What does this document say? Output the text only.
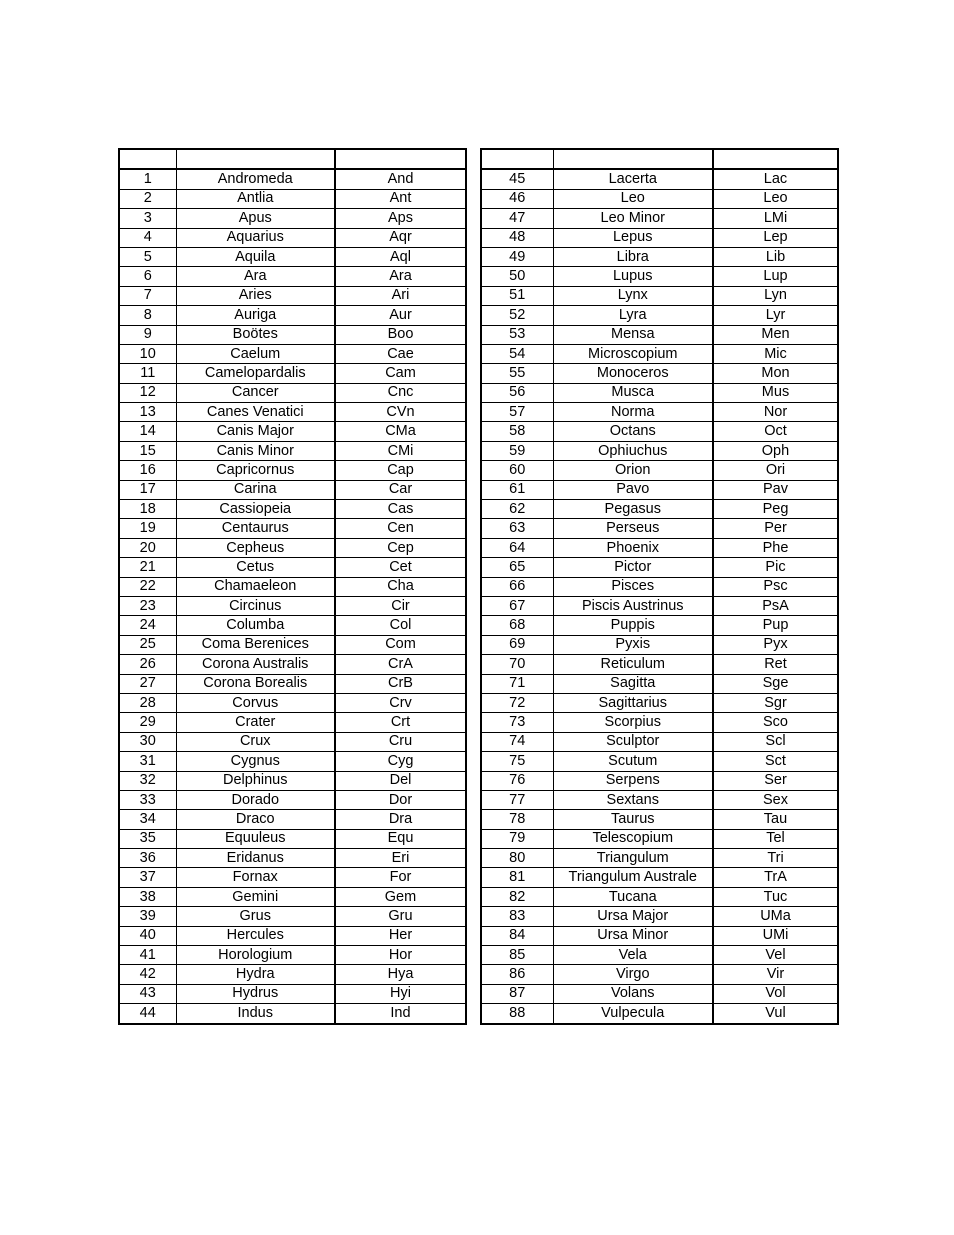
1	Andromeda	And
2	Antlia	Ant
3	Apus	Aps
4	Aquarius	Aqr
5	Aquila	Aql
6	Ara	Ara
7	Aries	Ari
8	Auriga	Aur
9	Boötes	Boo
10	Caelum	Cae
11	Camelopardalis	Cam
12	Cancer	Cnc
13	Canes Venatici	CVn
14	Canis Major	CMa
15	Canis Minor	CMi
16	Capricornus	Cap
17	Carina	Car
18	Cassiopeia	Cas
19	Centaurus	Cen
20	Cepheus	Cep
21	Cetus	Cet
22	Chamaeleon	Cha
23	Circinus	Cir
24	Columba	Col
25	Coma Berenices	Com
26	Corona Australis	CrA
27	Corona Borealis	CrB
28	Corvus	Crv
29	Crater	Crt
30	Crux	Cru
31	Cygnus	Cyg
32	Delphinus	Del
33	Dorado	Dor
34	Draco	Dra
35	Equuleus	Equ
36	Eridanus	Eri
37	Fornax	For
38	Gemini	Gem
39	Grus	Gru
40	Hercules	Her
41	Horologium	Hor
42	Hydra	Hya
43	Hydrus	Hyi
44	Indus	Ind

45	Lacerta	Lac
46	Leo	Leo
47	Leo Minor	LMi
48	Lepus	Lep
49	Libra	Lib
50	Lupus	Lup
51	Lynx	Lyn
52	Lyra	Lyr
53	Mensa	Men
54	Microscopium	Mic
55	Monoceros	Mon
56	Musca	Mus
57	Norma	Nor
58	Octans	Oct
59	Ophiuchus	Oph
60	Orion	Ori
61	Pavo	Pav
62	Pegasus	Peg
63	Perseus	Per
64	Phoenix	Phe
65	Pictor	Pic
66	Pisces	Psc
67	Piscis Austrinus	PsA
68	Puppis	Pup
69	Pyxis	Pyx
70	Reticulum	Ret
71	Sagitta	Sge
72	Sagittarius	Sgr
73	Scorpius	Sco
74	Sculptor	Scl
75	Scutum	Sct
76	Serpens	Ser
77	Sextans	Sex
78	Taurus	Tau
79	Telescopium	Tel
80	Triangulum	Tri
81	Triangulum Australe	TrA
82	Tucana	Tuc
83	Ursa Major	UMa
84	Ursa Minor	UMi
85	Vela	Vel
86	Virgo	Vir
87	Volans	Vol
88	Vulpecula	Vul
